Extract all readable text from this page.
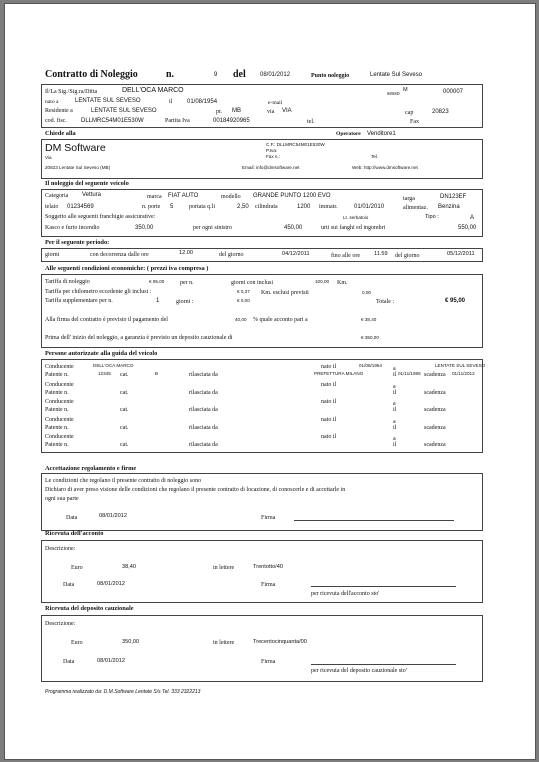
Contratto di Noleggio	n.	9 del 08/01/2012	Punto noleggio	Lentate Sul Seveso
Il/La Sig./Sig.ra/Ditta	DELL'OCA MARCO	sesso
M	000007
nato a	LENTATE SUL SEVESO	il 01/08/1954	e-mail
Residente a	LENTATE SUL SEVESO	pr. MB	via VIA	cap	20823
cod. fisc. DLLMRC54M01E530W	Partita Iva	00184920965	tel.	Fax
Chiede alla	Operatore Venditore1
DM Software
Via
20823 Lentate Sul Seveso (MB)
C.F.: DLLMRC54M01E530W
P.Iva:
Fax n.:	Tel.
Email: info@dmsoftware.net	Web: http://www.dmsoftware.net
Il noleggio del seguente veicolo
Categoria Vettura	marca FIAT AUTO	modello GRANDE PUNTO 1200 EVO	targa	DN123EF
telaio 01234569	n. porte 5	portata q.li	2,50 cilindrata	1200 immatr.	01/01/2010	alimentaz. Benzina
Soggetto alle seguenti franchigie assicurative:	Lt. serbatoio	Tipo :	A
Kasco e furto incendio	350,00	per ogni sinistro	450,00	urti sui fanghi ed ingombri	550,00
Per il seguente periodo:
giorni	con decorrenza dalle ore	12.00	del giorno	04/12/2011	fino alle ore	11.59 del giorno	05/12/2011
Alle seguenti condizioni economiche: ( prezzi iva compresa )
Tariffa di noleggio	€ 95,00	per n.	giorni con inclusi	100,00 Km.
Tariffa per chilometro eccedente gli inclusi :	€ 0,37 Km. esclusi previsti	0,00
Tariffa supplementare per n.	1	giorni :	€ 0,00	Totale :	€ 95,00
Alla firma del contratto è previsto il pagamento del	40,00 % quale acconto pari a	€ 38,40
Prima dell' inizio del noleggio, a garanzia è previsto un deposito cauzionale di	€ 350,00
Persone autorizzate alla guida del veicolo
Conducente	DELL'OCA MARCO	nato il	01/08/1954
a
LENTATE SUL SEVESO
Patente n.	12345 cat.	B	rilasciata da	PREFETTURA MILANO	il 01/11/1985 scadenza 01/11/2012
Conducente	nato il	a
Patente n.	cat.	rilasciata da	il	scadenza
Conducente	nato il	a
Patente n.	cat.	rilasciata da	il	scadenza
Conducente	nato il	a
Patente n.	cat.	rilasciata da	il	scadenza
Conducente	nato il	a
Patente n.	cat.	rilasciata da	il	scadenza
Accettazione regolamento e firme
Le condizioni che regolano il presente contratto di noleggio sono
Dichiaro di aver preso visione delle condizioni che regolano il presente contratto di locazione, di conoscerle e di accettarle in
ogni sua parte
Data	08/01/2012	Firma
Ricevuta dell'acconto
Descrizione:
Euro	38,40	in lettere	Trentotto/40
Data	08/01/2012	Firma
per ricevuta dell'acconto sto'
Ricevuta del deposito cauzionale
Descrizione:
Euro	350,00	in lettere	Trecentocinquanta/00
Data	08/01/2012	Firma
per ricevuta del deposito cauzionale sto'
Programma realizzato da: D.M.Software Lentate S/s Tel. 333 2322213
